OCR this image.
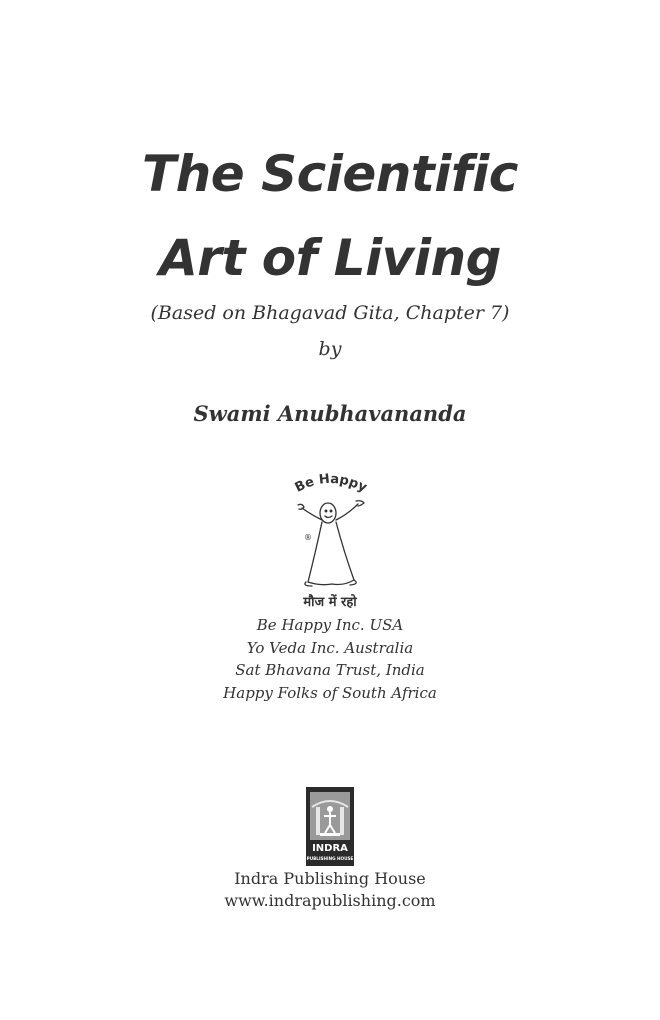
The Scientific
Art of Living
(Based on Bhagavad Gita, Chapter 7)
by
Swami Anubhavananda
Be Happy
®
मौज में रहो
Be Happy Inc. USA
Yo Veda Inc. Australia
Sat Bhavana Trust, India
Happy Folks of South Africa
INDRA
PUBLISHING HOUSE
Indra Publishing House
www.indrapublishing.com
